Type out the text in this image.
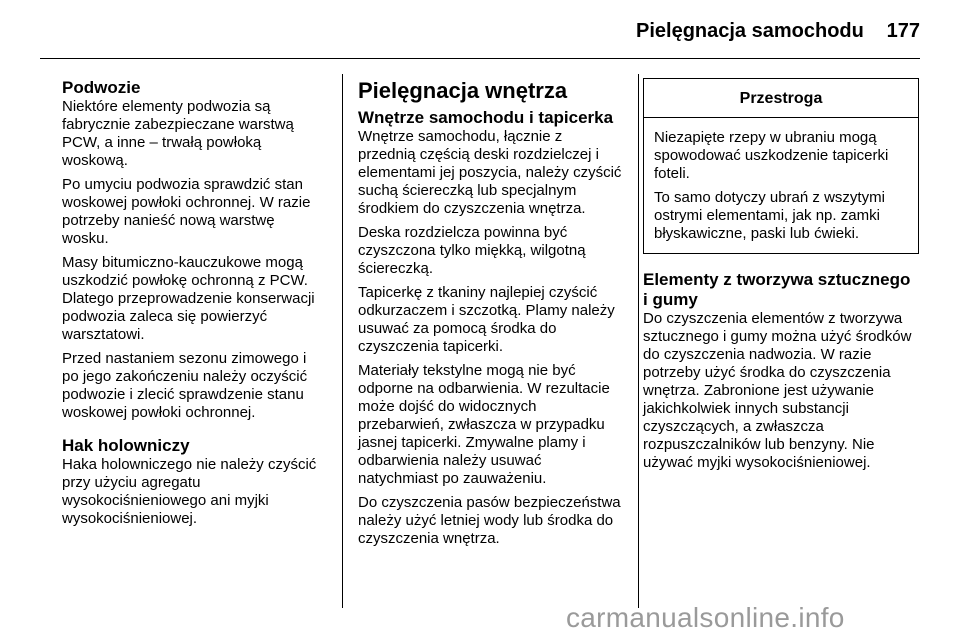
Pielęgnacja samochodu 177
Podwozie

Niektóre elementy podwozia są fabrycznie zabezpieczane warstwą PCW, a inne – trwałą powłoką woskową.

Po umyciu podwozia sprawdzić stan woskowej powłoki ochronnej. W razie potrzeby nanieść nową warstwę wosku.

Masy bitumiczno-kauczukowe mogą uszkodzić powłokę ochronną z PCW. Dlatego przeprowadzenie konserwacji podwozia zaleca się powierzyć warsztatowi.

Przed nastaniem sezonu zimowego i po jego zakończeniu należy oczyścić podwozie i zlecić sprawdzenie stanu woskowej powłoki ochronnej.

Hak holowniczy

Haka holowniczego nie należy czyścić przy użyciu agregatu wysokociśnieniowego ani myjki wysokociśnieniowej.

Pielęgnacja wnętrza
Wnętrze samochodu i tapicerka

Wnętrze samochodu, łącznie z przednią częścią deski rozdzielczej i elementami jej poszycia, należy czyścić suchą ściereczką lub specjalnym środkiem do czyszczenia wnętrza.

Deska rozdzielcza powinna być czyszczona tylko miękką, wilgotną ściereczką.

Tapicerkę z tkaniny najlepiej czyścić odkurzaczem i szczotką. Plamy należy usuwać za pomocą środka do czyszczenia tapicerki.

Materiały tekstylne mogą nie być odporne na odbarwienia. W rezultacie może dojść do widocznych przebarwień, zwłaszcza w przypadku jasnej tapicerki. Zmywalne plamy i odbarwienia należy usuwać natychmiast po zauważeniu.

Do czyszczenia pasów bezpieczeństwa należy użyć letniej wody lub środka do czyszczenia wnętrza.

Przestroga

Niezapięte rzepy w ubraniu mogą spowodować uszkodzenie tapicerki foteli.

To samo dotyczy ubrań z wszytymi ostrymi elementami, jak np. zamki błyskawiczne, paski lub ćwieki.

Elementy z tworzywa sztucznego i gumy

Do czyszczenia elementów z tworzywa sztucznego i gumy można użyć środków do czyszczenia nadwozia. W razie potrzeby użyć środka do czyszczenia wnętrza. Zabronione jest używanie jakichkolwiek innych substancji czyszczących, a zwłaszcza rozpuszczalników lub benzyny. Nie używać myjki wysokociśnieniowej.

carmanualsonline.info
